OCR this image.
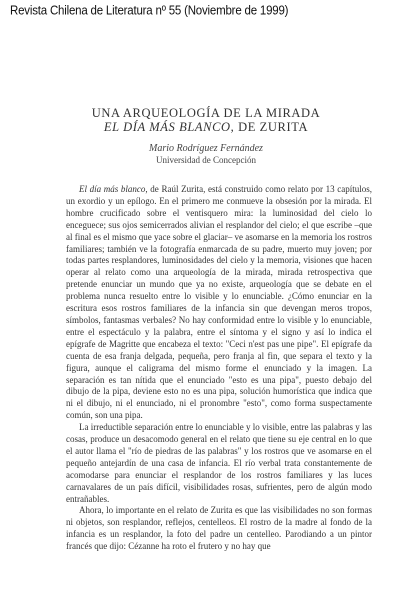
Revista Chilena de Literatura nº 55 (Noviembre de 1999)
UNA ARQUEOLOGÍA DE LA MIRADA
EL DÍA MÁS BLANCO, DE ZURITA
Mario Rodríguez Fernández
Universidad de Concepción

El día más blanco, de Raúl Zurita, está construido como relato por 13 capítulos, un exordio y un epílogo. En el primero me conmueve la obsesión por la mirada. El hombre crucificado sobre el ventisquero mira: la luminosidad del cielo lo enceguece; sus ojos semicerrados alivian el resplandor del cielo; el que escribe –que al final es el mismo que yace sobre el glaciar– ve asomarse en la memoria los rostros familiares; también ve la fotografía enmarcada de su padre, muerto muy joven; por todas partes resplandores, luminosidades del cielo y la memoria, visiones que hacen operar al relato como una arqueología de la mirada, mirada retrospectiva que pretende enunciar un mundo que ya no existe, arqueología que se debate en el problema nunca resuelto entre lo visible y lo enunciable. ¿Cómo enunciar en la escritura esos rostros familiares de la infancia sin que devengan meros tropos, símbolos, fantasmas verbales? No hay conformidad entre lo visible y lo enunciable, entre el espectáculo y la palabra, entre el síntoma y el signo y así lo indica el epígrafe de Magritte que encabeza el texto: "Ceci n'est pas une pipe". El epígrafe da cuenta de esa franja delgada, pequeña, pero franja al fin, que separa el texto y la figura, aunque el caligrama del mismo forme el enunciado y la imagen. La separación es tan nítida que el enunciado "esto es una pipa", puesto debajo del dibujo de la pipa, deviene esto no es una pipa, solución humorística que indica que ni el dibujo, ni el enunciado, ni el pronombre "esto", como forma suspectamente común, son una pipa.

La irreductible separación entre lo enunciable y lo visible, entre las palabras y las cosas, produce un desacomodo general en el relato que tiene su eje central en lo que el autor llama el "río de piedras de las palabras" y los rostros que ve asomarse en el pequeño antejardín de una casa de infancia. El río verbal trata constantemente de acomodarse para enunciar el resplandor de los rostros familiares y las luces carnavalares de un país difícil, visibilidades rosas, sufrientes, pero de algún modo entrañables.

Ahora, lo importante en el relato de Zurita es que las visibilidades no son formas ni objetos, son resplandor, reflejos, centelleos. El rostro de la madre al fondo de la infancia es un resplandor, la foto del padre un centelleo. Parodiando a un pintor francés que dijo: Cézanne ha roto el frutero y no hay que
